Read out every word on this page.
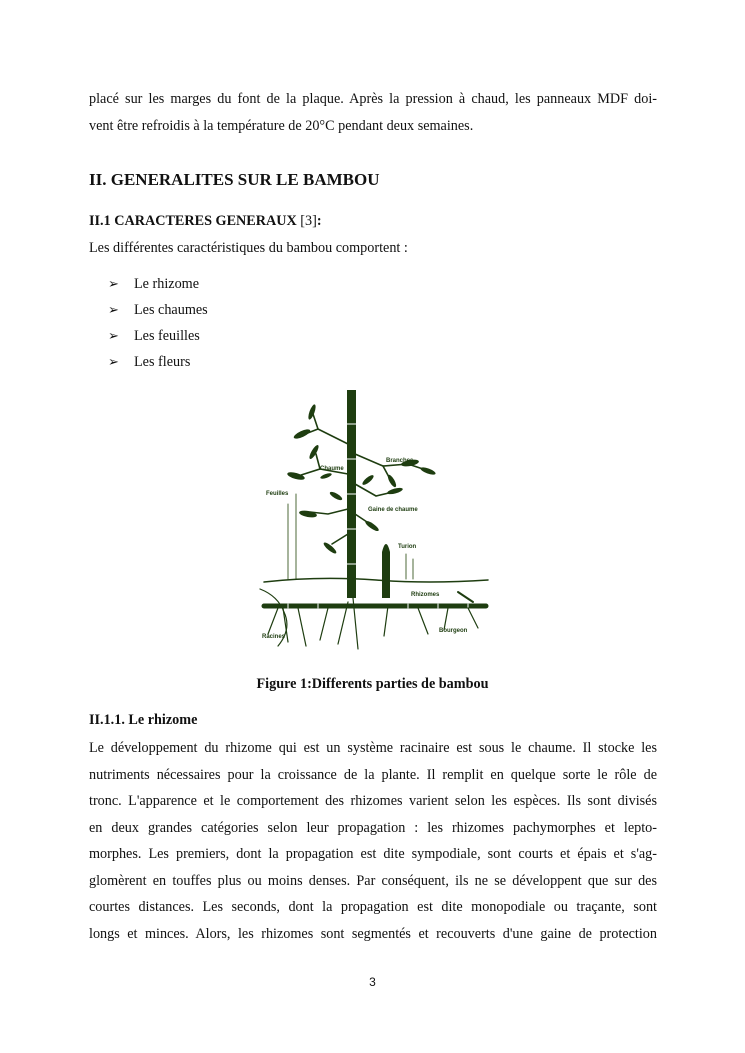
placé sur les marges du font de la plaque. Après la pression à chaud, les panneaux MDF doi-
vent être refroidis à la température de 20°C pendant deux semaines.
II. GENERALITES SUR LE BAMBOU
II.1 CARACTERES GENERAUX [3]:
Les différentes caractéristiques du bambou comportent :
➢	Le rhizome
➢	Les chaumes
➢	Les feuilles
➢	Les fleurs
Chaume
Branches
Feuilles
Gaine de chaume
Turion
Rhizomes
Racines
Bourgeon
Figure 1:Differents parties de bambou
II.1.1. Le rhizome
Le développement du rhizome qui est un système racinaire est sous le chaume. Il stocke les
nutriments nécessaires pour la croissance de la plante. Il remplit en quelque sorte le rôle de
tronc. L'apparence et le comportement des rhizomes varient selon les espèces. Ils sont divisés
en deux grandes catégories selon leur propagation : les rhizomes pachymorphes et lepto-
morphes. Les premiers, dont la propagation est dite sympodiale, sont courts et épais et s'ag-
glomèrent en touffes plus ou moins denses. Par conséquent, ils ne se développent que sur des
courtes distances. Les seconds, dont la propagation est dite monopodiale ou traçante, sont
longs et minces. Alors, les rhizomes sont segmentés et recouverts d'une gaine de protection
3
